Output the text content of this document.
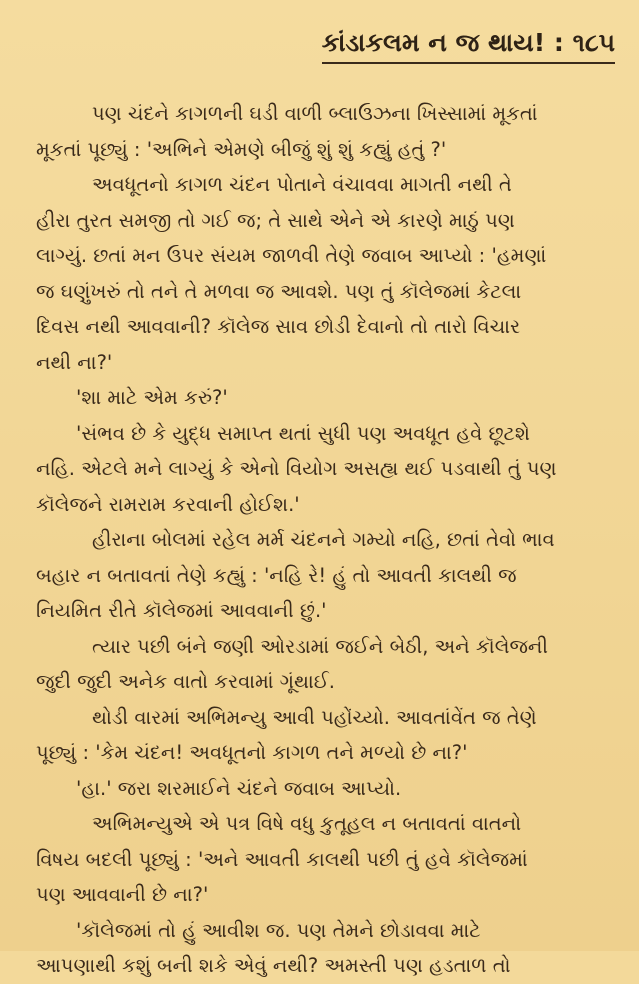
કાંડાકલમ ન જ થાય! : ૧૮૫
પણ ચંદને કાગળની ઘડી વાળી બ્લાઉઝના ખિસ્સામાં મૂકતાં
મૂકતાં પૂછ્યું : 'અભિને એમણે બીજું શું શું કહ્યું હતું ?'
અવધૂતનો કાગળ ચંદન પોતાને વંચાવવા માગતી નથી તે
હીરા તુરત સમજી તો ગઈ જ; તે સાથે એને એ કારણે માઠું પણ
લાગ્યું. છતાં મન ઉપર સંયમ જાળવી તેણે જવાબ આપ્યો : 'હમણાં
જ ઘણુંખરું તો તને તે મળવા જ આવશે. પણ તું કૉલેજમાં કેટલા
દિવસ નથી આવવાની? કૉલેજ સાવ છોડી દેવાનો તો તારો વિચાર
નથી ના?'
'શા માટે એમ કરું?'
'સંભવ છે કે યુદ્ધ સમાપ્ત થતાં સુધી પણ અવધૂત હવે છૂટશે
નહિ. એટલે મને લાગ્યું કે એનો વિયોગ અસહ્ય થઈ પડવાથી તું પણ
કૉલેજને રામરામ કરવાની હોઈશ.'
હીરાના બોલમાં રહેલ મર્મ ચંદનને ગમ્યો નહિ, છતાં તેવો ભાવ
બહાર ન બતાવતાં તેણે કહ્યું : 'નહિ રે! હું તો આવતી કાલથી જ
નિયમિત રીતે કૉલેજમાં આવવાની છું.'
ત્યાર પછી બંને જણી ઓરડામાં જઈને બેઠી, અને કૉલેજની
જુદી જુદી અનેક વાતો કરવામાં ગૂંથાઈ.
થોડી વારમાં અભિમન્યુ આવી પહોંચ્યો. આવતાંવેંત જ તેણે
પૂછ્યું : 'કેમ ચંદન! અવધૂતનો કાગળ તને મળ્યો છે ના?'
'હા.' જરા શરમાઈને ચંદને જવાબ આપ્યો.
અભિમન્યુએ એ પત્ર વિષે વધુ કુતૂહલ ન બતાવતાં વાતનો
વિષય બદલી પૂછ્યું : 'અને આવતી કાલથી પછી તું હવે કૉલેજમાં
પણ આવવાની છે ના?'
'કૉલેજમાં તો હું આવીશ જ. પણ તેમને છોડાવવા માટે
આપણાથી કશું બની શકે એવું નથી? અમસ્તી પણ હડતાળ તો
